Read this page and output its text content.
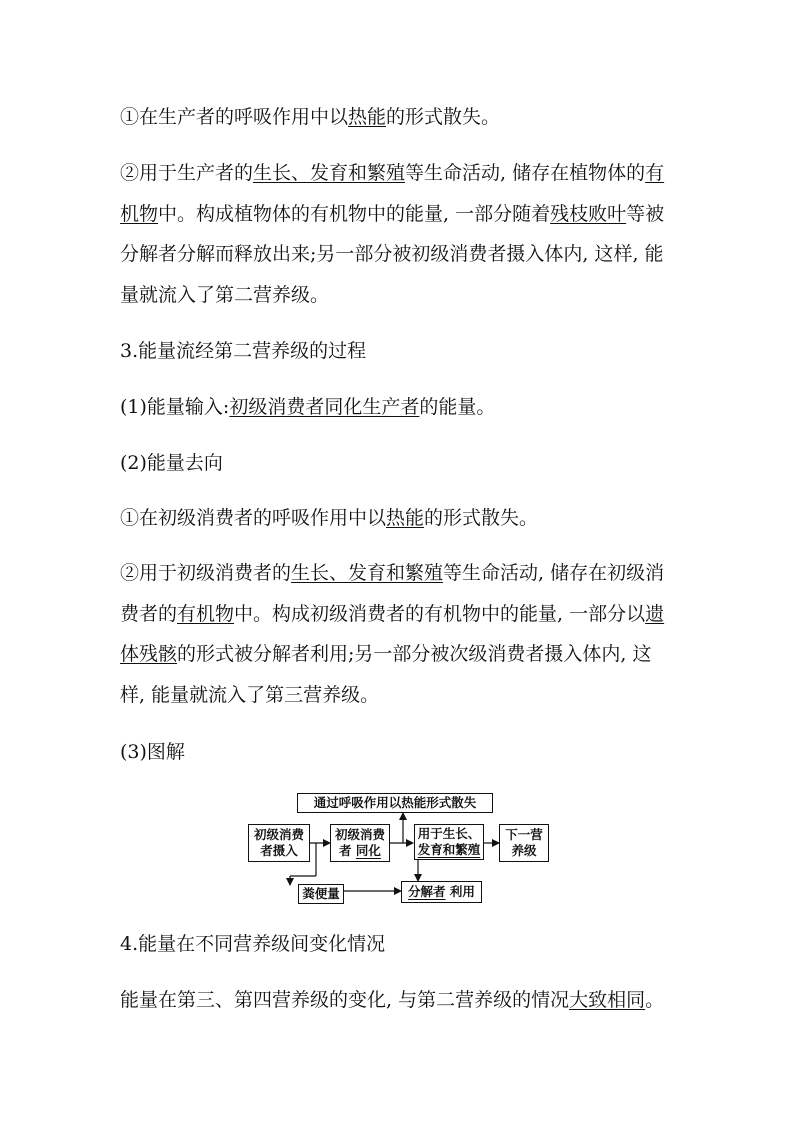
①在生产者的呼吸作用中以热能的形式散失。

②用于生产者的生长、发育和繁殖等生命活动, 储存在植物体的有机物中。构成植物体的有机物中的能量, 一部分随着残枝败叶等被分解者分解而释放出来;另一部分被初级消费者摄入体内, 这样, 能量就流入了第二营养级。

3.能量流经第二营养级的过程

(1)能量输入:初级消费者同化生产者的能量。

(2)能量去向

①在初级消费者的呼吸作用中以热能的形式散失。

②用于初级消费者的生长、发育和繁殖等生命活动, 储存在初级消费者的有机物中。构成初级消费者的有机物中的能量, 一部分以遗体残骸的形式被分解者利用;另一部分被次级消费者摄入体内, 这样, 能量就流入了第三营养级。

(3)图解

通过呼吸作用以热能形式散失
初级消费
者摄入
初级消费
者 同化
用于生长、
发育和繁殖
下一营
养级
粪便量	分解者 利用

4.能量在不同营养级间变化情况

能量在第三、第四营养级的变化, 与第二营养级的情况大致相同。
